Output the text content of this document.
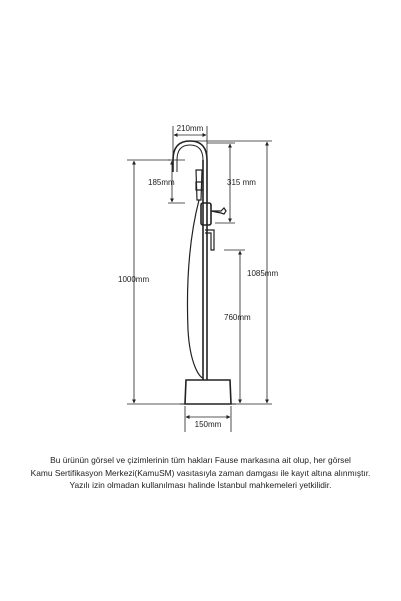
210mm
185mm	315 mm
1000mm
1085mm
760mm
150mm

Bu ürünün görsel ve çizimlerinin tüm hakları Fause markasına ait olup, her görsel
Kamu Sertifikasyon Merkezi(KamuSM) vasıtasıyla zaman damgası ile kayıt altına alınmıştır.
Yazılı izin olmadan kullanılması halinde İstanbul mahkemeleri yetkilidir.
